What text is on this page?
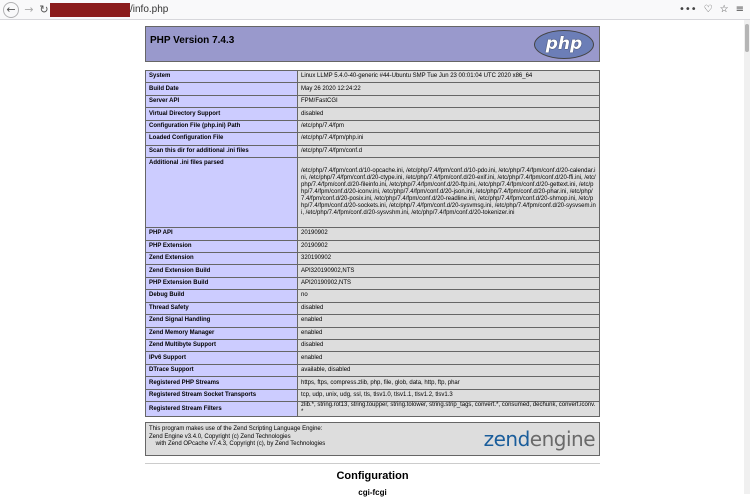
← → ↻	/info.php	••• ♡ ☆ ≡
PHP Version 7.4.3	php
System	Linux LLMP 5.4.0-40-generic #44-Ubuntu SMP Tue Jun 23 00:01:04 UTC 2020 x86_64
Build Date	May 26 2020 12:24:22
Server API	FPM/FastCGI
Virtual Directory Support	disabled
Configuration File (php.ini) Path	/etc/php/7.4/fpm
Loaded Configuration File	/etc/php/7.4/fpm/php.ini
Scan this dir for additional .ini files	/etc/php/7.4/fpm/conf.d
Additional .ini files parsed	/etc/php/7.4/fpm/conf.d/10-opcache.ini, /etc/php/7.4/fpm/conf.d/10-pdo.ini, /etc/php/7.4/fpm/conf.d/20-calendar.ini, /etc/php/7.4/fpm/conf.d/20-ctype.ini, /etc/php/7.4/fpm/conf.d/20-exif.ini, /etc/php/7.4/fpm/conf.d/20-ffi.ini, /etc/php/7.4/fpm/conf.d/20-fileinfo.ini, /etc/php/7.4/fpm/conf.d/20-ftp.ini, /etc/php/7.4/fpm/conf.d/20-gettext.ini, /etc/php/7.4/fpm/conf.d/20-iconv.ini, /etc/php/7.4/fpm/conf.d/20-json.ini, /etc/php/7.4/fpm/conf.d/20-phar.ini, /etc/php/7.4/fpm/conf.d/20-posix.ini, /etc/php/7.4/fpm/conf.d/20-readline.ini, /etc/php/7.4/fpm/conf.d/20-shmop.ini, /etc/php/7.4/fpm/conf.d/20-sockets.ini, /etc/php/7.4/fpm/conf.d/20-sysvmsg.ini, /etc/php/7.4/fpm/conf.d/20-sysvsem.ini, /etc/php/7.4/fpm/conf.d/20-sysvshm.ini, /etc/php/7.4/fpm/conf.d/20-tokenizer.ini
PHP API	20190902
PHP Extension	20190902
Zend Extension	320190902
Zend Extension Build	API320190902,NTS
PHP Extension Build	API20190902,NTS
Debug Build	no
Thread Safety	disabled
Zend Signal Handling	enabled
Zend Memory Manager	enabled
Zend Multibyte Support	disabled
IPv6 Support	enabled
DTrace Support	available, disabled
Registered PHP Streams	https, ftps, compress.zlib, php, file, glob, data, http, ftp, phar
Registered Stream Socket Transports	tcp, udp, unix, udg, ssl, tls, tlsv1.0, tlsv1.1, tlsv1.2, tlsv1.3
Registered Stream Filters	zlib.*, string.rot13, string.toupper, string.tolower, string.strip_tags, convert.*, consumed, dechunk, convert.iconv.*
This program makes use of the Zend Scripting Language Engine:
Zend Engine v3.4.0, Copyright (c) Zend Technologies
with Zend OPcache v7.4.3, Copyright (c), by Zend Technologies	zendengine
Configuration
cgi-fcgi
